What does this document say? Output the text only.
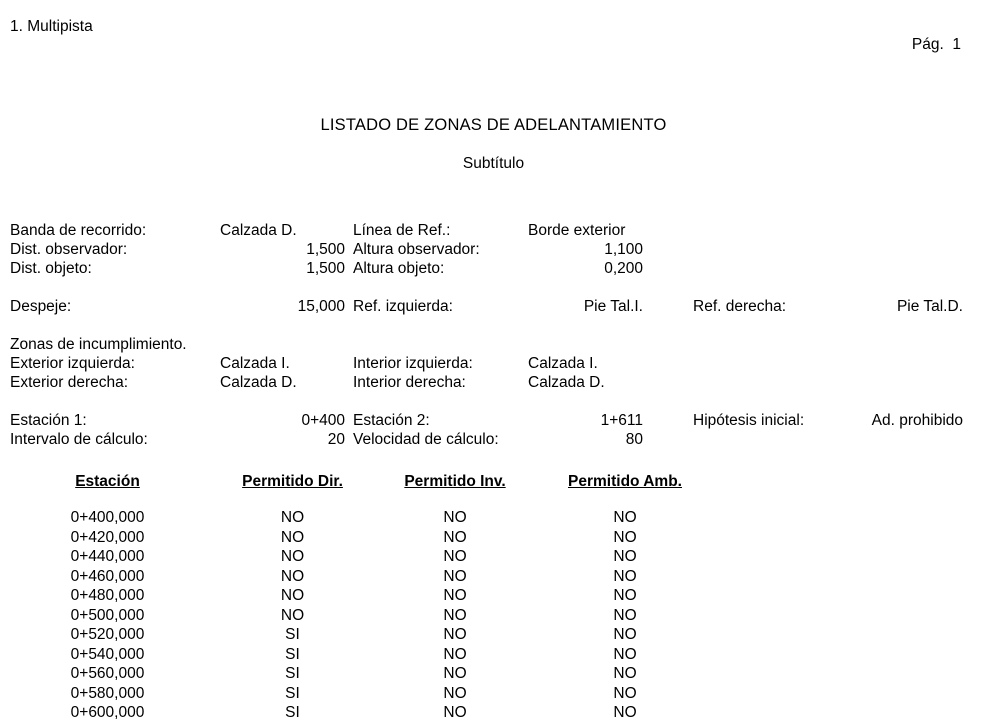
1. Multipista

Pág. 1

LISTADO DE ZONAS DE ADELANTAMIENTO
Subtítulo
Banda de recorrido:	Calzada D.	Línea de Ref.:	Borde exterior
Dist. observador:	1,500 Altura observador:	1,100
Dist. objeto:	1,500 Altura objeto:	0,200
Despeje:	15,000 Ref. izquierda:	Pie Tal.I.	Ref. derecha:	Pie Tal.D.
Zonas de incumplimiento.
Exterior izquierda:	Calzada I.	Interior izquierda:	Calzada I.
Exterior derecha:	Calzada D.	Interior derecha:	Calzada D.
Estación 1:	0+400 Estación 2:	1+611	Hipótesis inicial:	Ad. prohibido
Intervalo de cálculo:	20 Velocidad de cálculo:	80
Estación	Permitido Dir.	Permitido Inv.	Permitido Amb.	

0+400,000	NO	NO	NO	
0+420,000	NO	NO	NO	
0+440,000	NO	NO	NO	
0+460,000	NO	NO	NO	
0+480,000	NO	NO	NO	
0+500,000	NO	NO	NO	
0+520,000	SI	NO	NO	
0+540,000	SI	NO	NO	
0+560,000	SI	NO	NO	
0+580,000	SI	NO	NO	
0+600,000	SI	NO	NO	
